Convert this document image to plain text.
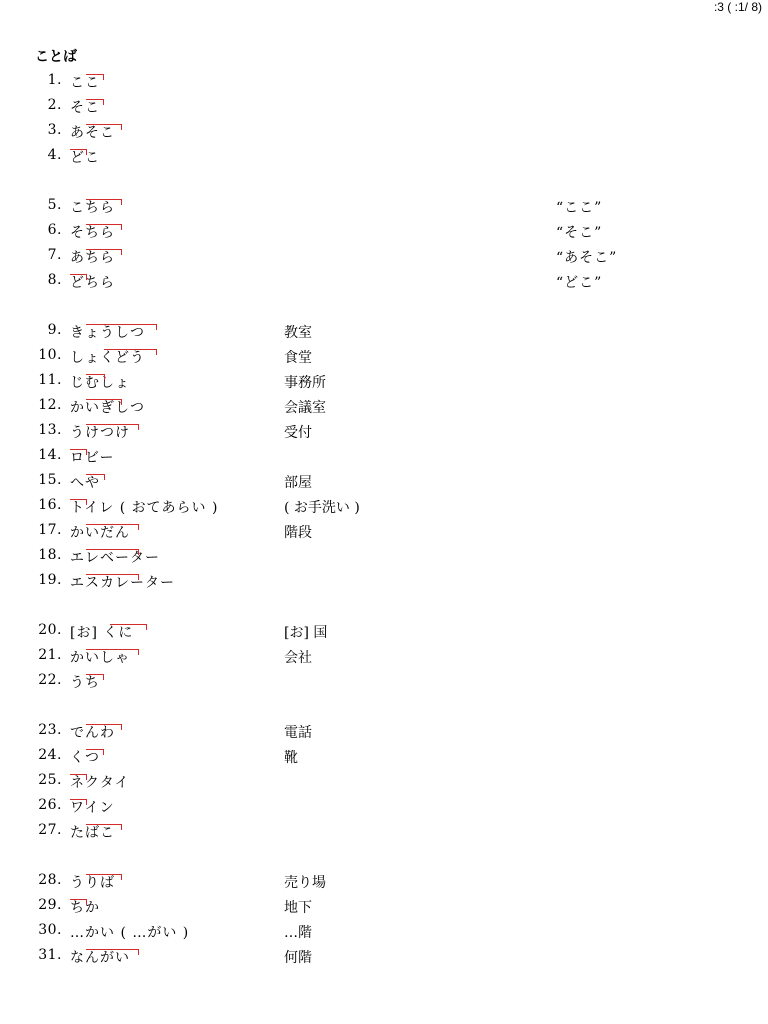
:3 ( :1/ 8)
ことば
1. ここ
2. そこ
3. あそこ
4. どこ
5. こちら	“ここ”
6. そちら	“そこ”
7. あちら	“あそこ”
8. どちら	“どこ”
9. きょうしつ	教室
10. しょくどう	食堂
11. じむしょ	事務所
12. かいぎしつ	会議室
13. うけつけ	受付
14. ロビー
15. へや	部屋
16. トイレ ( おてあらい )	( お手洗い )
17. かいだん	階段
18. エレベーター
19. エスカレーター
20. [お] くに	[お] 国
21. かいしゃ	会社
22. うち
23. でんわ	電話
24. くつ	靴
25. ネクタイ
26. ワイン
27. たばこ
28. うりば	売り場
29. ちか	地下
30. …かい ( …がい )	…階
31. なんがい	何階
